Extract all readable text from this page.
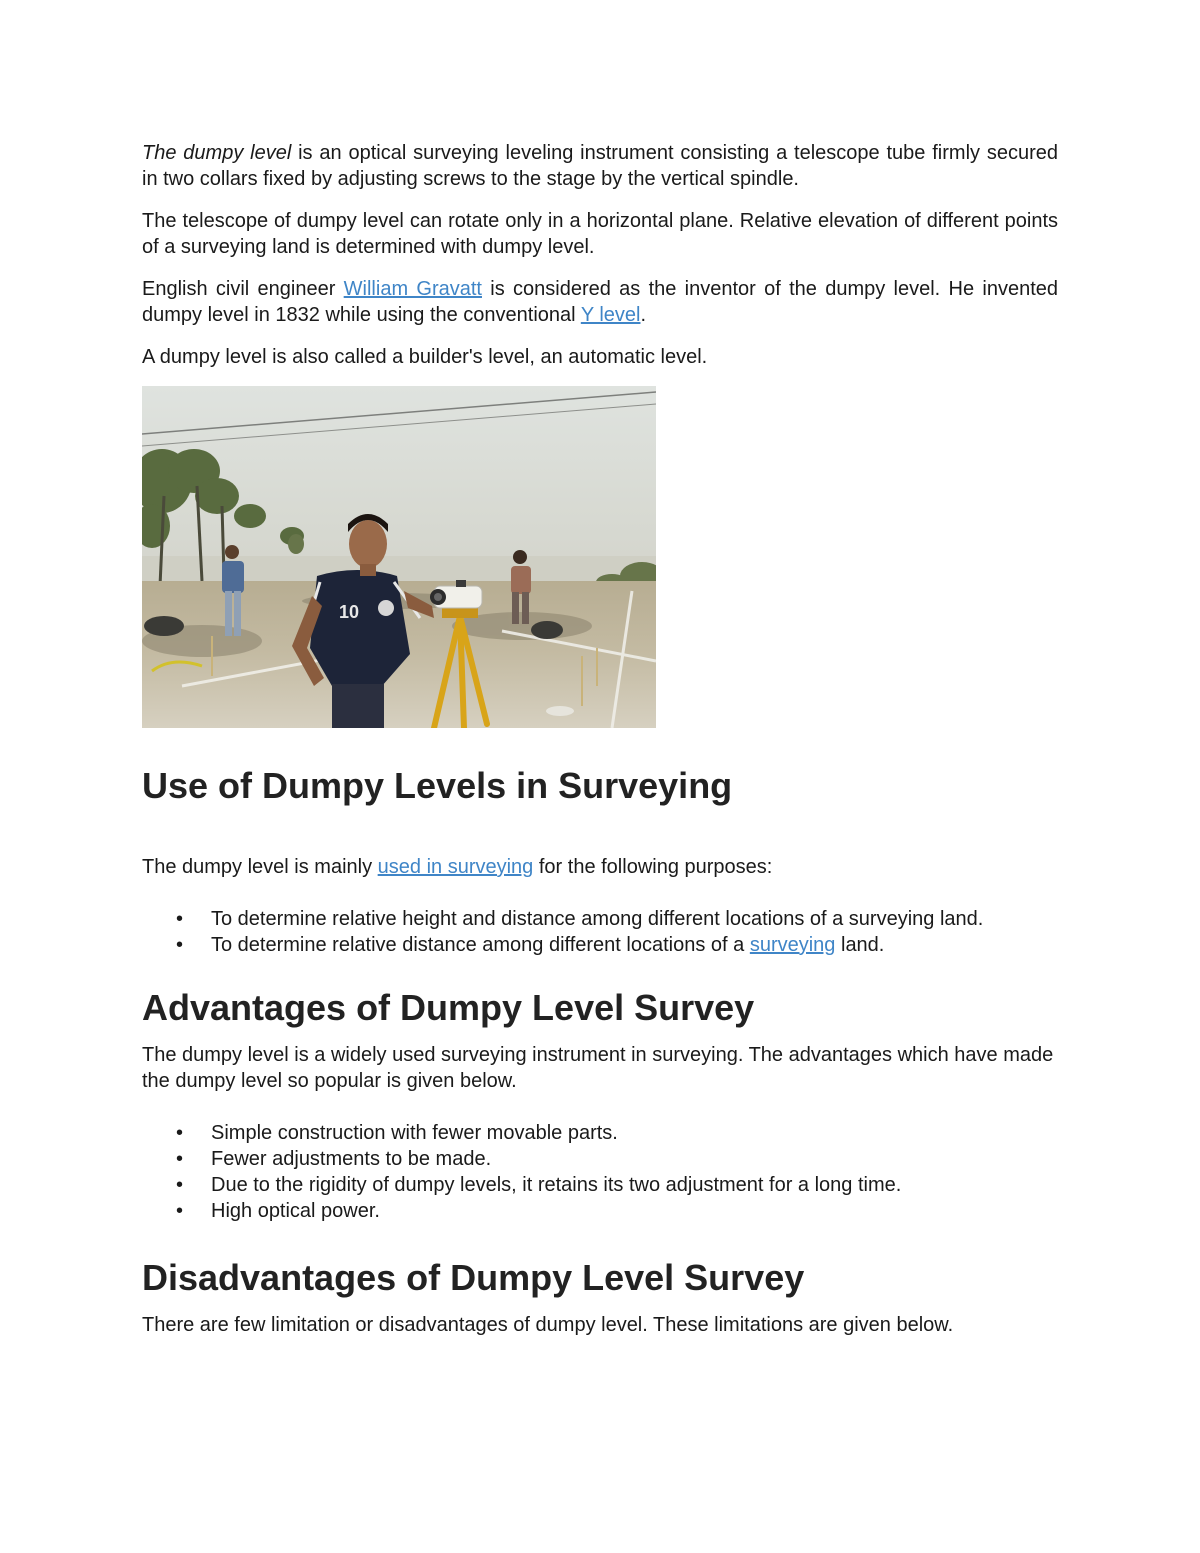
The dumpy level is an optical surveying leveling instrument consisting a telescope tube firmly secured in two collars fixed by adjusting screws to the stage by the vertical spindle.

The telescope of dumpy level can rotate only in a horizontal plane. Relative elevation of different points of a surveying land is determined with dumpy level.

English civil engineer William Gravatt is considered as the inventor of the dumpy level. He invented dumpy level in 1832 while using the conventional Y level.

A dumpy level is also called a builder's level, an automatic level.

10
Use of Dumpy Levels in Surveying

The dumpy level is mainly used in surveying for the following purposes:

• To determine relative height and distance among different locations of a surveying land.
• To determine relative distance among different locations of a surveying land.
Advantages of Dumpy Level Survey

The dumpy level is a widely used surveying instrument in surveying. The advantages which have made the dumpy level so popular is given below.

• Simple construction with fewer movable parts.
• Fewer adjustments to be made.
• Due to the rigidity of dumpy levels, it retains its two adjustment for a long time.
• High optical power.
Disadvantages of Dumpy Level Survey

There are few limitation or disadvantages of dumpy level. These limitations are given below.
